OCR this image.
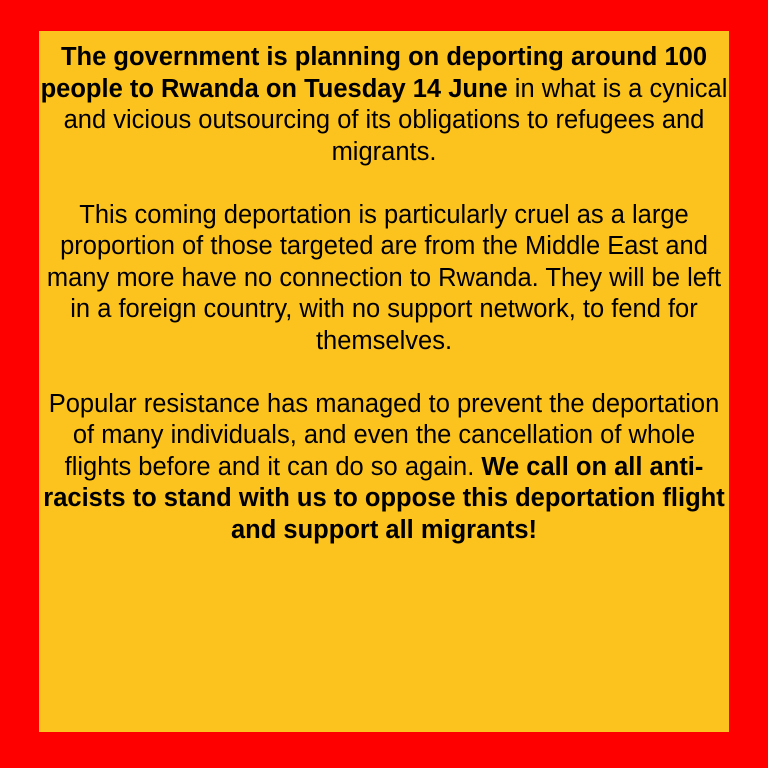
The government is planning on deporting around 100 people to Rwanda on Tuesday 14 June in what is a cynical and vicious outsourcing of its obligations to refugees and migrants.

This coming deportation is particularly cruel as a large proportion of those targeted are from the Middle East and many more have no connection to Rwanda. They will be left in a foreign country, with no support network, to fend for themselves.

Popular resistance has managed to prevent the deportation of many individuals, and even the cancellation of whole flights before and it can do so again. We call on all anti-racists to stand with us to oppose this deportation flight and support all migrants!
